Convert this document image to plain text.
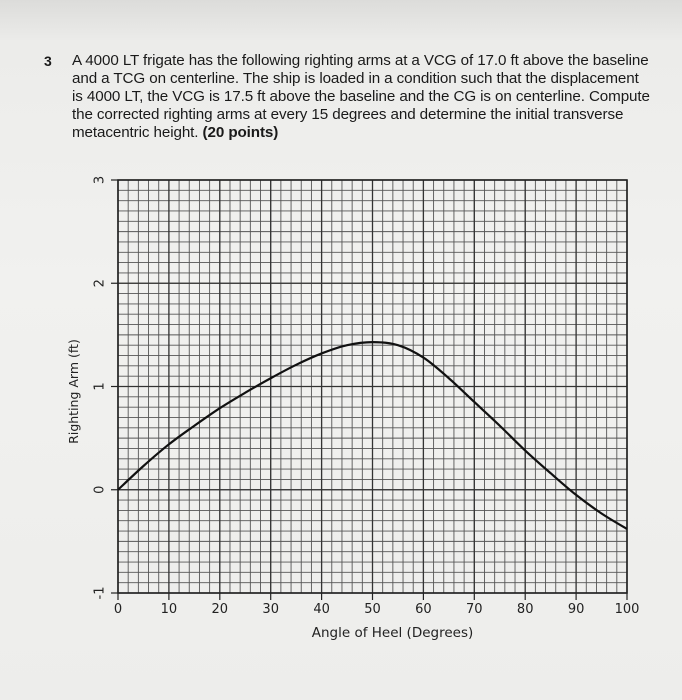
3 A 4000 LT frigate has the following righting arms at a VCG of 17.0 ft above the baseline and a TCG on centerline. The ship is loaded in a condition such that the displacement is 4000 LT, the VCG is 17.5 ft above the baseline and the CG is on centerline. Compute the corrected righting arms at every 15 degrees and determine the initial transverse metacentric height. (20 points)
0	10	20	30	40	50	60	70	80	90 100
-1
0
1
2
3
Angle of Heel (Degrees)
Righting Arm (ft)
